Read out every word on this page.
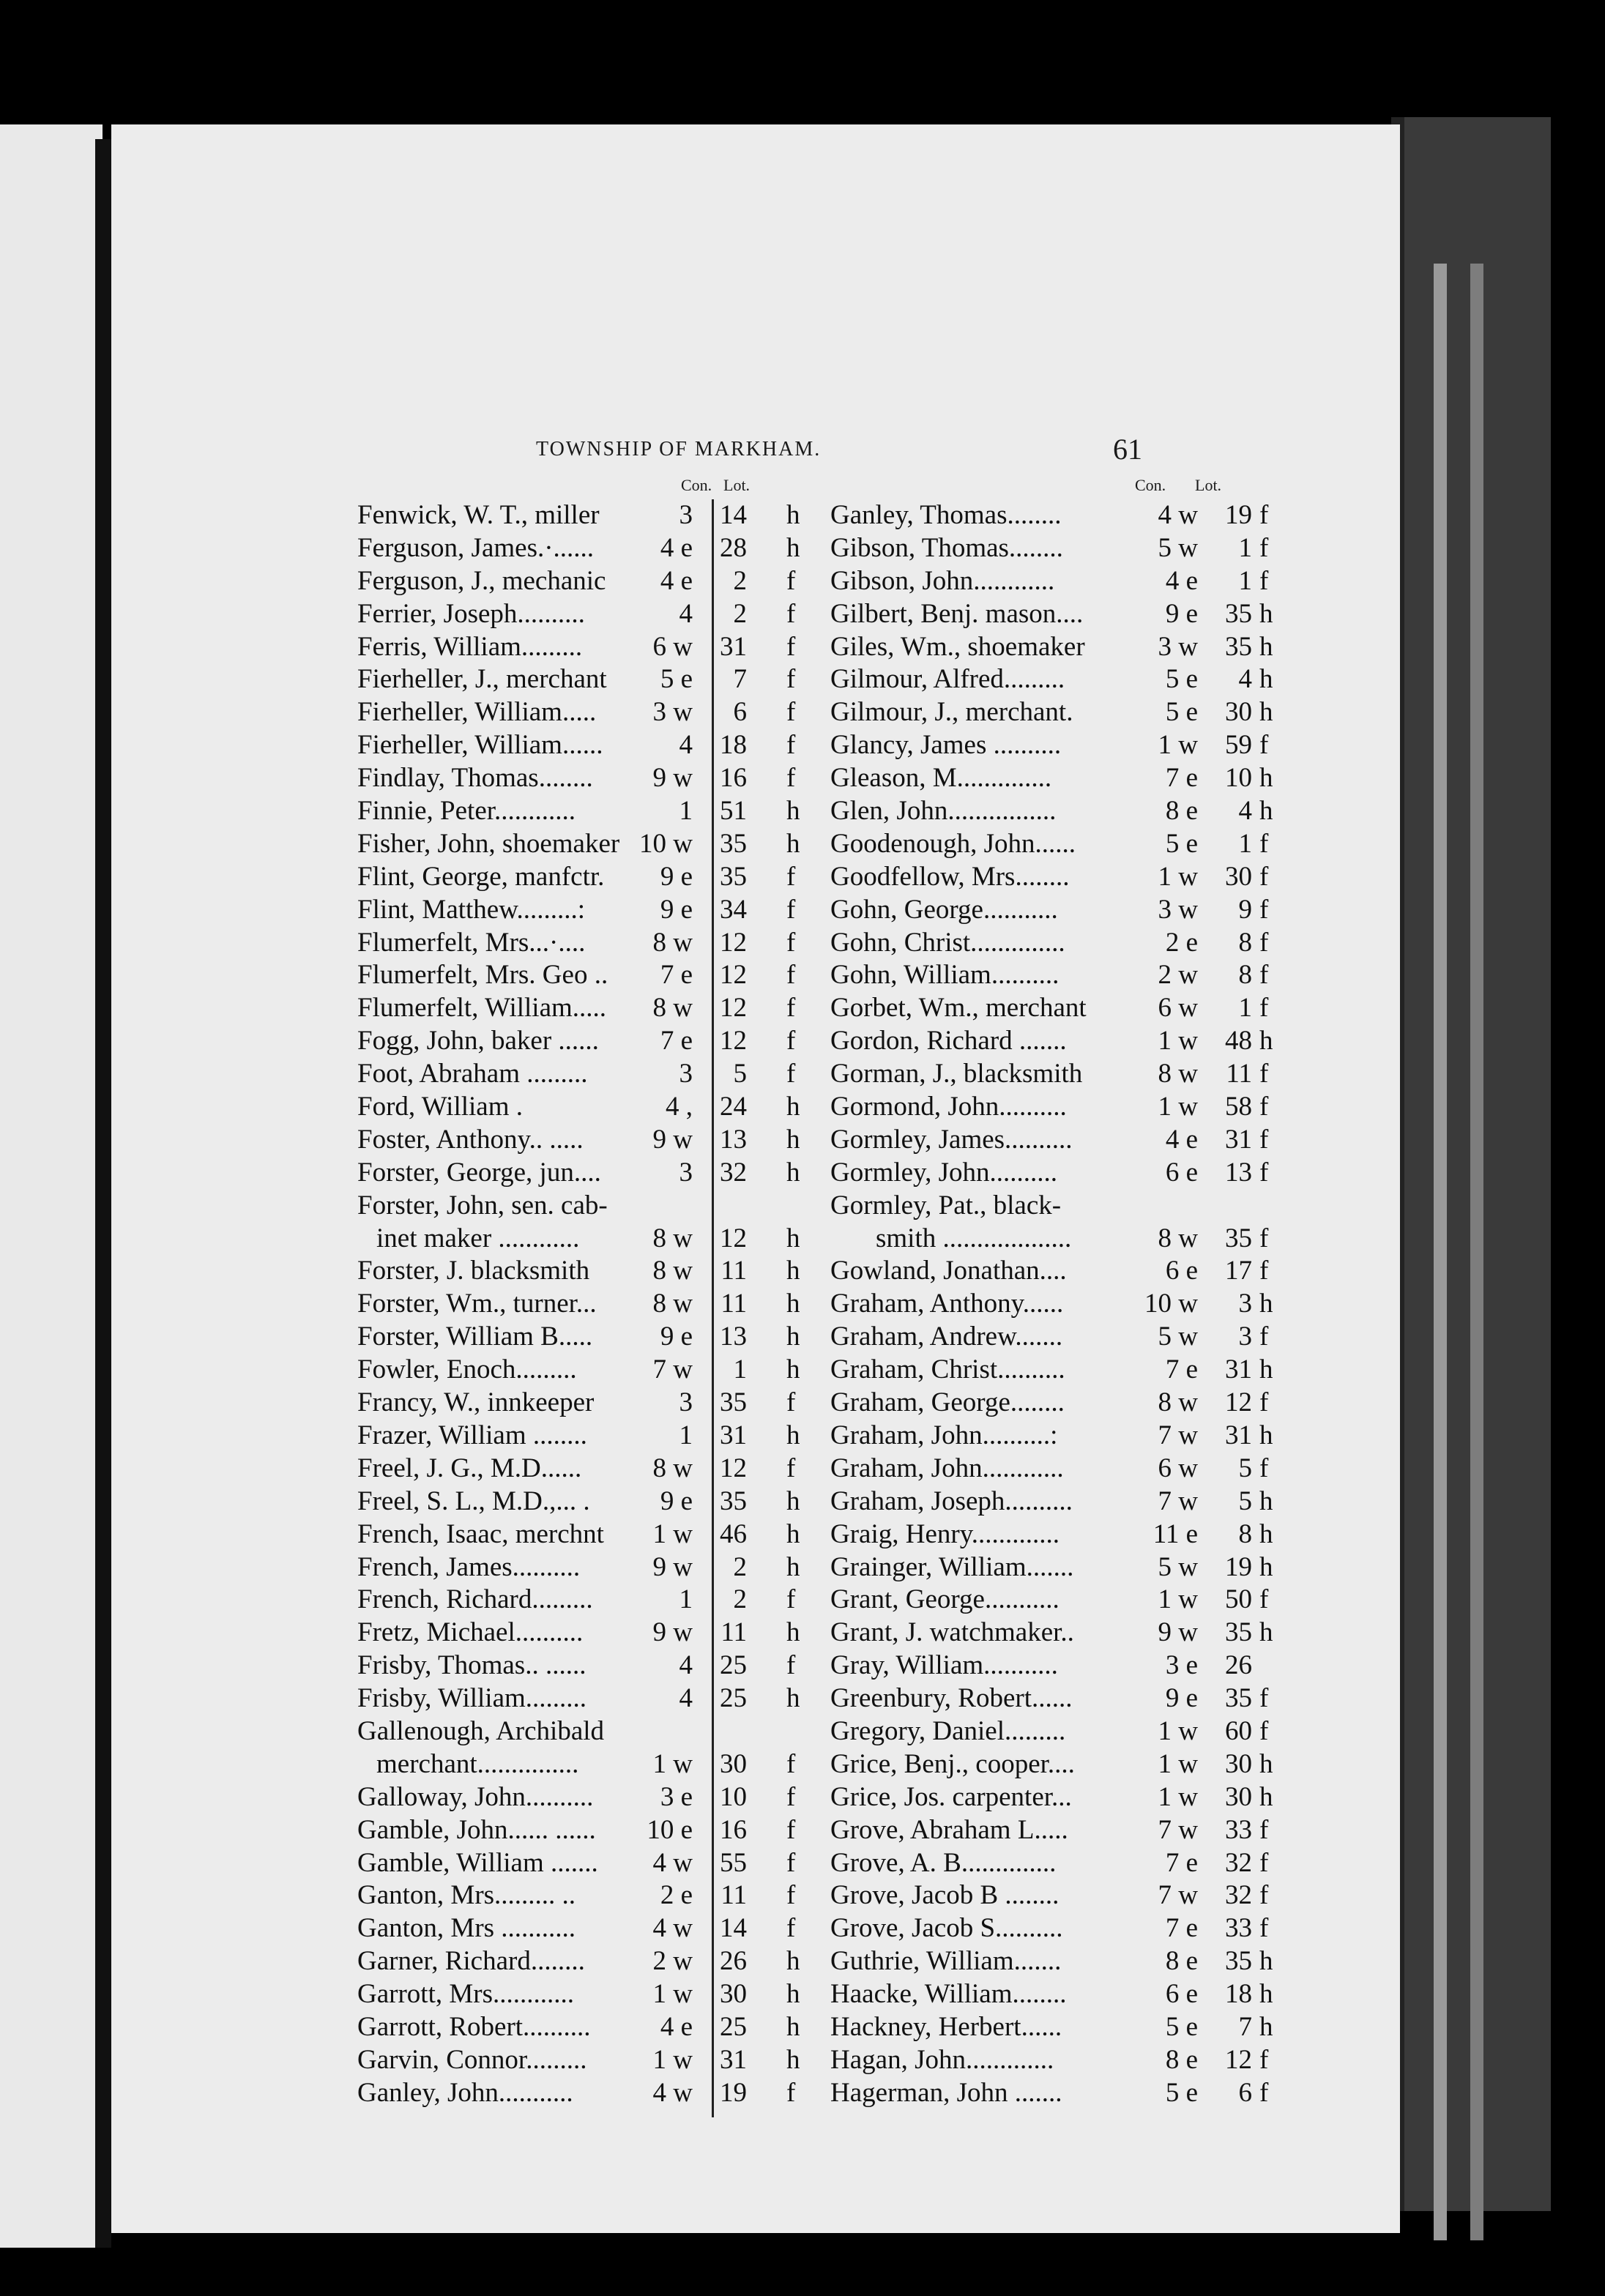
TOWNSHIP OF MARKHAM.	61
Con. Lot.
Fenwick, W. T., miller	3 14 h
Ferguson, James.·...... 4 e 28 h
Ferguson, J., mechanic 4 e 2 f
Ferrier, Joseph..........	4 2 f
Ferris, William.........	6 w 31 f
Fierheller, J., merchant 5 e 7 f
Fierheller, William..... 3 w 6 f
Fierheller, William......	4 18 f
Findlay, Thomas........ 9 w 16 f
Finnie, Peter............	1 51 h
Fisher, John, shoemaker 10 w 35 h
Flint, George, manfctr. 9 e 35 f
Flint, Matthew.........:	9 e 34 f
Flumerfelt, Mrs...·.... 8 w 12 f
Flumerfelt, Mrs. Geo .. 7 e 12 f
Flumerfelt, William..... 8 w 12 f
Fogg, John, baker ...... 7 e 12 f
Foot, Abraham .........	3 5 f
Ford, William .	4 , 24 h
Foster, Anthony.. .....	9 w 13 h
Forster, George, jun....	3 32 h
Forster, John, sen. cab-
inet maker ............	8 w 12 h
Forster, J. blacksmith 8 w 11 h
Forster, Wm., turner... 8 w 11 h
Forster, William B.....	9 e 13 h
Fowler, Enoch.........	7 w 1 h
Francy, W., innkeeper	3 35 f
Frazer, William ........	1 31 h
Freel, J. G., M.D......	8 w 12 f
Freel, S. L., M.D.,... .	9 e 35 h
French, Isaac, merchnt 1 w 46 h
French, James..........	9 w 2 h
French, Richard.........	1 2 f
Fretz, Michael..........	9 w 11 h
Frisby, Thomas.. ......	4 25 f
Frisby, William.........	4 25 h
Gallenough, Archibald
merchant...............	1 w 30 f
Galloway, John.......... 3 e 10 f
Gamble, John...... ...... 10 e 16 f
Gamble, William ....... 4 w 55 f
Ganton, Mrs......... ..	2 e 11 f
Ganton, Mrs ...........	4 w 14 f
Garner, Richard........	2 w 26 h
Garrott, Mrs............	1 w 30 h
Garrott, Robert..........	4 e 25 h
Garvin, Connor......... 1 w 31 h
Ganley, John...........	4 w 19 f
Con. Lot.
Ganley, Thomas........	4 w 19 f
Gibson, Thomas........	5 w 1 f
Gibson, John............	4 e 1 f
Gilbert, Benj. mason....	9 e 35 h
Giles, Wm., shoemaker	3 w 35 h
Gilmour, Alfred.........	5 e 4 h
Gilmour, J., merchant.	5 e 30 h
Glancy, James ..........	1 w 59 f
Gleason, M..............	7 e 10 h
Glen, John................	8 e 4 h
Goodenough, John......	5 e 1 f
Goodfellow, Mrs........	1 w 30 f
Gohn, George...........	3 w 9 f
Gohn, Christ..............	2 e 8 f
Gohn, William..........	2 w 8 f
Gorbet, Wm., merchant	6 w 1 f
Gordon, Richard .......	1 w 48 h
Gorman, J., blacksmith	8 w 11 f
Gormond, John..........	1 w 58 f
Gormley, James..........	4 e 31 f
Gormley, John..........	6 e 13 f
Gormley, Pat., black-
smith ...................	8 w 35 f
Gowland, Jonathan....	6 e 17 f
Graham, Anthony......	10 w 3 h
Graham, Andrew.......	5 w 3 f
Graham, Christ..........	7 e 31 h
Graham, George........	8 w 12 f
Graham, John..........:	7 w 31 h
Graham, John............	6 w 5 f
Graham, Joseph..........	7 w 5 h
Graig, Henry.............	11 e 8 h
Grainger, William.......	5 w 19 h
Grant, George...........	1 w 50 f
Grant, J. watchmaker..	9 w 35 h
Gray, William...........	3 e 26
Greenbury, Robert......	9 e 35 f
Gregory, Daniel.........	1 w 60 f
Grice, Benj., cooper....	1 w 30 h
Grice, Jos. carpenter...	1 w 30 h
Grove, Abraham L.....	7 w 33 f
Grove, A. B..............	7 e 32 f
Grove, Jacob B ........	7 w 32 f
Grove, Jacob S..........	7 e 33 f
Guthrie, William.......	8 e 35 h
Haacke, William........	6 e 18 h
Hackney, Herbert......	5 e 7 h
Hagan, John.............	8 e 12 f
Hagerman, John .......	5 e 6 f
